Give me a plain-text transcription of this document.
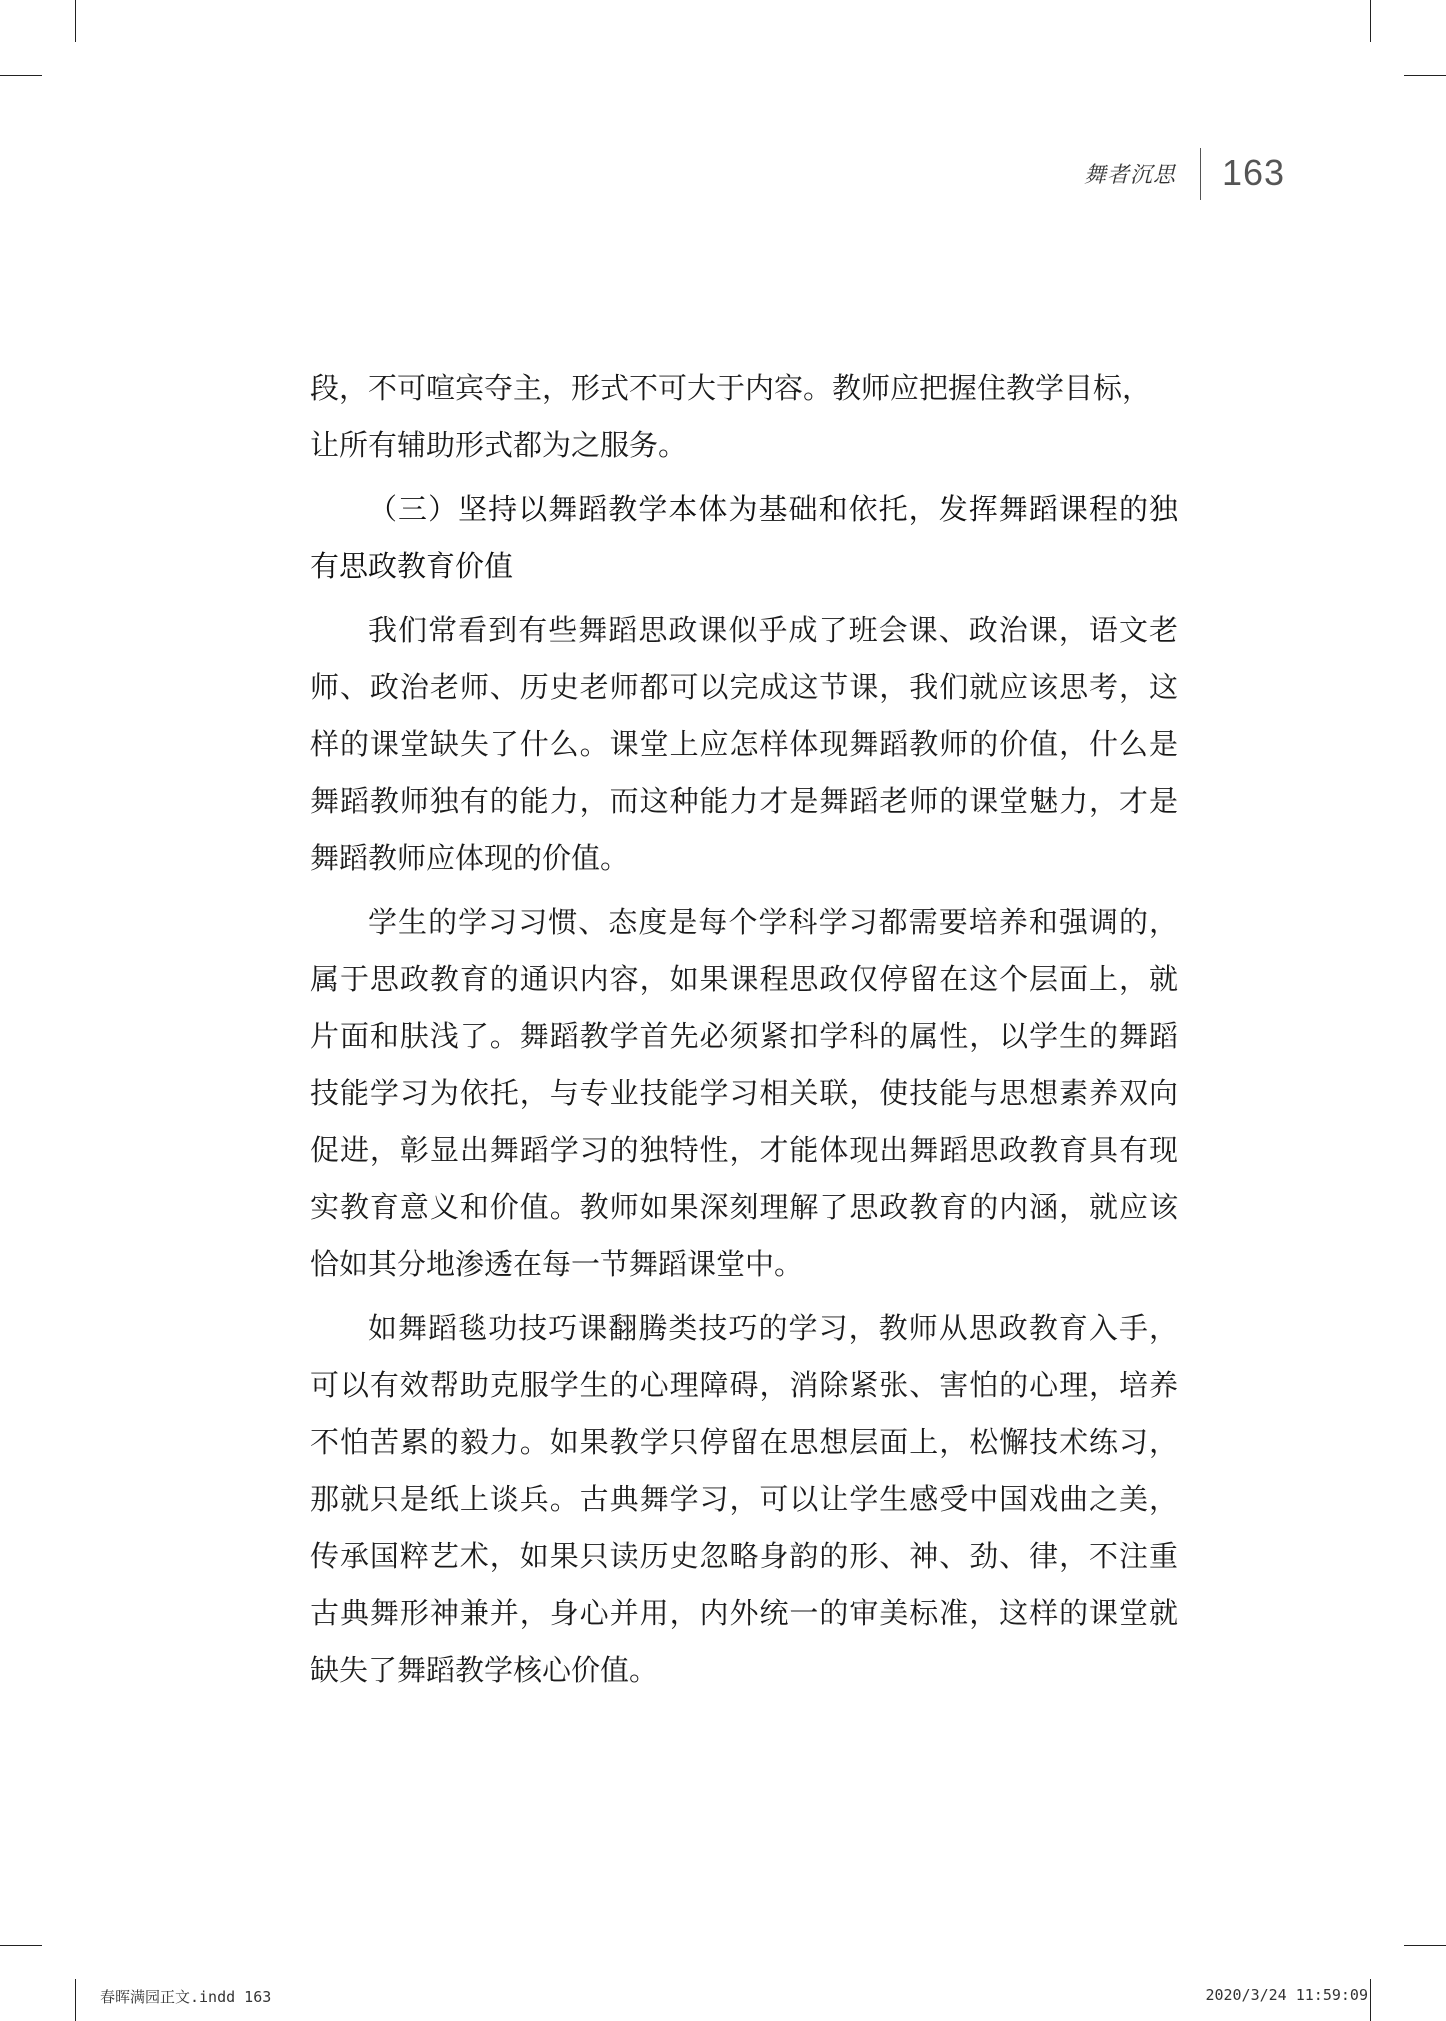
舞者沉思 163

段，不可喧宾夺主，形式不可大于内容。教师应把握住教学目标，
让所有辅助形式都为之服务。

（三）坚持以舞蹈教学本体为基础和依托，发挥舞蹈课程的独有思政教育价值

我们常看到有些舞蹈思政课似乎成了班会课、政治课，语文老师、政治老师、历史老师都可以完成这节课，我们就应该思考，这样的课堂缺失了什么。课堂上应怎样体现舞蹈教师的价值，什么是舞蹈教师独有的能力，而这种能力才是舞蹈老师的课堂魅力，才是舞蹈教师应体现的价值。

学生的学习习惯、态度是每个学科学习都需要培养和强调的，属于思政教育的通识内容，如果课程思政仅停留在这个层面上，就片面和肤浅了。舞蹈教学首先必须紧扣学科的属性，以学生的舞蹈技能学习为依托，与专业技能学习相关联，使技能与思想素养双向促进，彰显出舞蹈学习的独特性，才能体现出舞蹈思政教育具有现实教育意义和价值。教师如果深刻理解了思政教育的内涵，就应该恰如其分地渗透在每一节舞蹈课堂中。

如舞蹈毯功技巧课翻腾类技巧的学习，教师从思政教育入手，可以有效帮助克服学生的心理障碍，消除紧张、害怕的心理，培养不怕苦累的毅力。如果教学只停留在思想层面上，松懈技术练习，那就只是纸上谈兵。古典舞学习，可以让学生感受中国戏曲之美，传承国粹艺术，如果只读历史忽略身韵的形、神、劲、律，不注重古典舞形神兼并，身心并用，内外统一的审美标准，这样的课堂就缺失了舞蹈教学核心价值。

春晖满园正文.indd 163	2020/3/24 11:59:09
